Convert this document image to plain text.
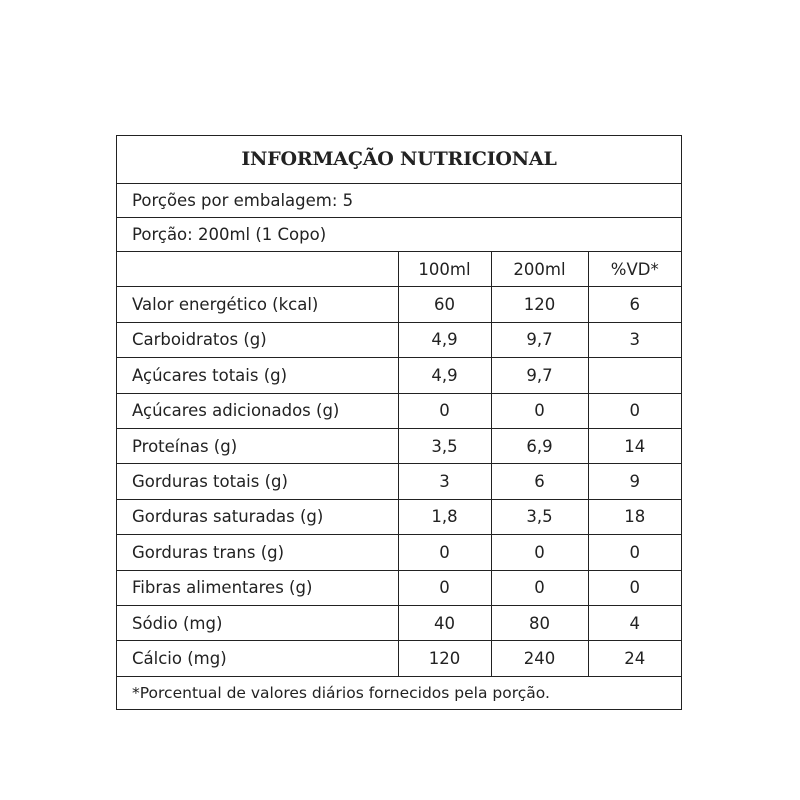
INFORMAÇÃO NUTRICIONAL
Porções por embalagem: 5
Porção: 200ml (1 Copo)
	100ml	200ml	%VD*
Valor energético (kcal)	60	120	6
Carboidratos (g)	4,9	9,7	3
Açúcares totais (g)	4,9	9,7	
Açúcares adicionados (g)	0	0	0
Proteínas (g)	3,5	6,9	14
Gorduras totais (g)	3	6	9
Gorduras saturadas (g)	1,8	3,5	18
Gorduras trans (g)	0	0	0
Fibras alimentares (g)	0	0	0
Sódio (mg)	40	80	4
Cálcio (mg)	120	240	24
*Porcentual de valores diários fornecidos pela porção.
